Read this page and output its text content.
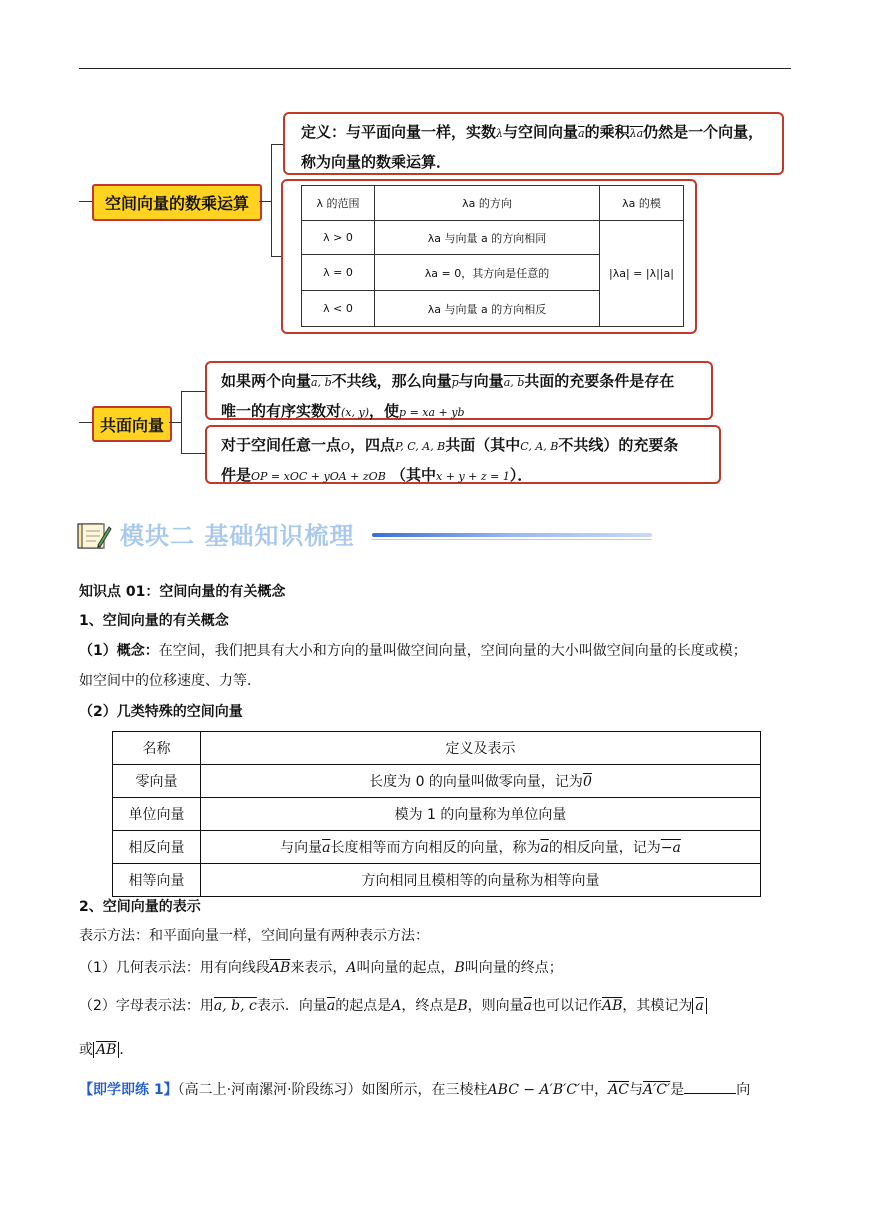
空间向量的数乘运算
定义：与平面向量一样，实数λ与空间向量$\overline{a}$的乘积$\overline{\lambda a}$仍然是一个向量，
称为向量的数乘运算．
λ 的范围	λa 的方向	λa 的模
λ > 0	λa 与向量 a 的方向相同	|λa| = |λ||a|
λ = 0	λa = 0，其方向是任意的	
λ < 0	λa 与向量 a 的方向相反	
共面向量
如果两个向量a, b不共线，那么向量$\overline{p}$与向量a, b共面的充要条件是存在
唯一的有序实数对(x, y)，使p = xa + yb
对于空间任意一点O，四点P, C, A, B共面（其中C, A, B不共线）的充要条
件是OP = xOC + yOA + zOB （其中x + y + z = 1）．
模块二 基础知识梳理
知识点 01：空间向量的有关概念
1、空间向量的有关概念
（1）概念：在空间，我们把具有大小和方向的量叫做空间向量，空间向量的大小叫做空间向量的长度或模；
如空间中的位移速度、力等．
（2）几类特殊的空间向量
名称	定义及表示
零向量	长度为 0 的向量叫做零向量，记为0
单位向量	模为 1 的向量称为单位向量
相反向量	与向量$\overline{a}$长度相等而方向相反的向量，称为$\overline{a}$的相反向量，记为−a
相等向量	方向相同且模相等的向量称为相等向量
2、空间向量的表示
表示方法：和平面向量一样，空间向量有两种表示方法：
（1）几何表示法：用有向线段$\overline{AB}$来表示，A叫向量的起点，B叫向量的终点；
（2）字母表示法：用a, b, c表示．向量$\overline{a}$的起点是A，终点是B，则向量$\overline{a}$也可以记作$\overline{AB}$，其模记为 $\overline{a}$
或 $\overline{AB}$ ．
【即学即练 1】（高二上·河南漯河·阶段练习）如图所示，在三棱柱ABC − A′B′C′中，$\overline{AC}$与A′C′是	向
